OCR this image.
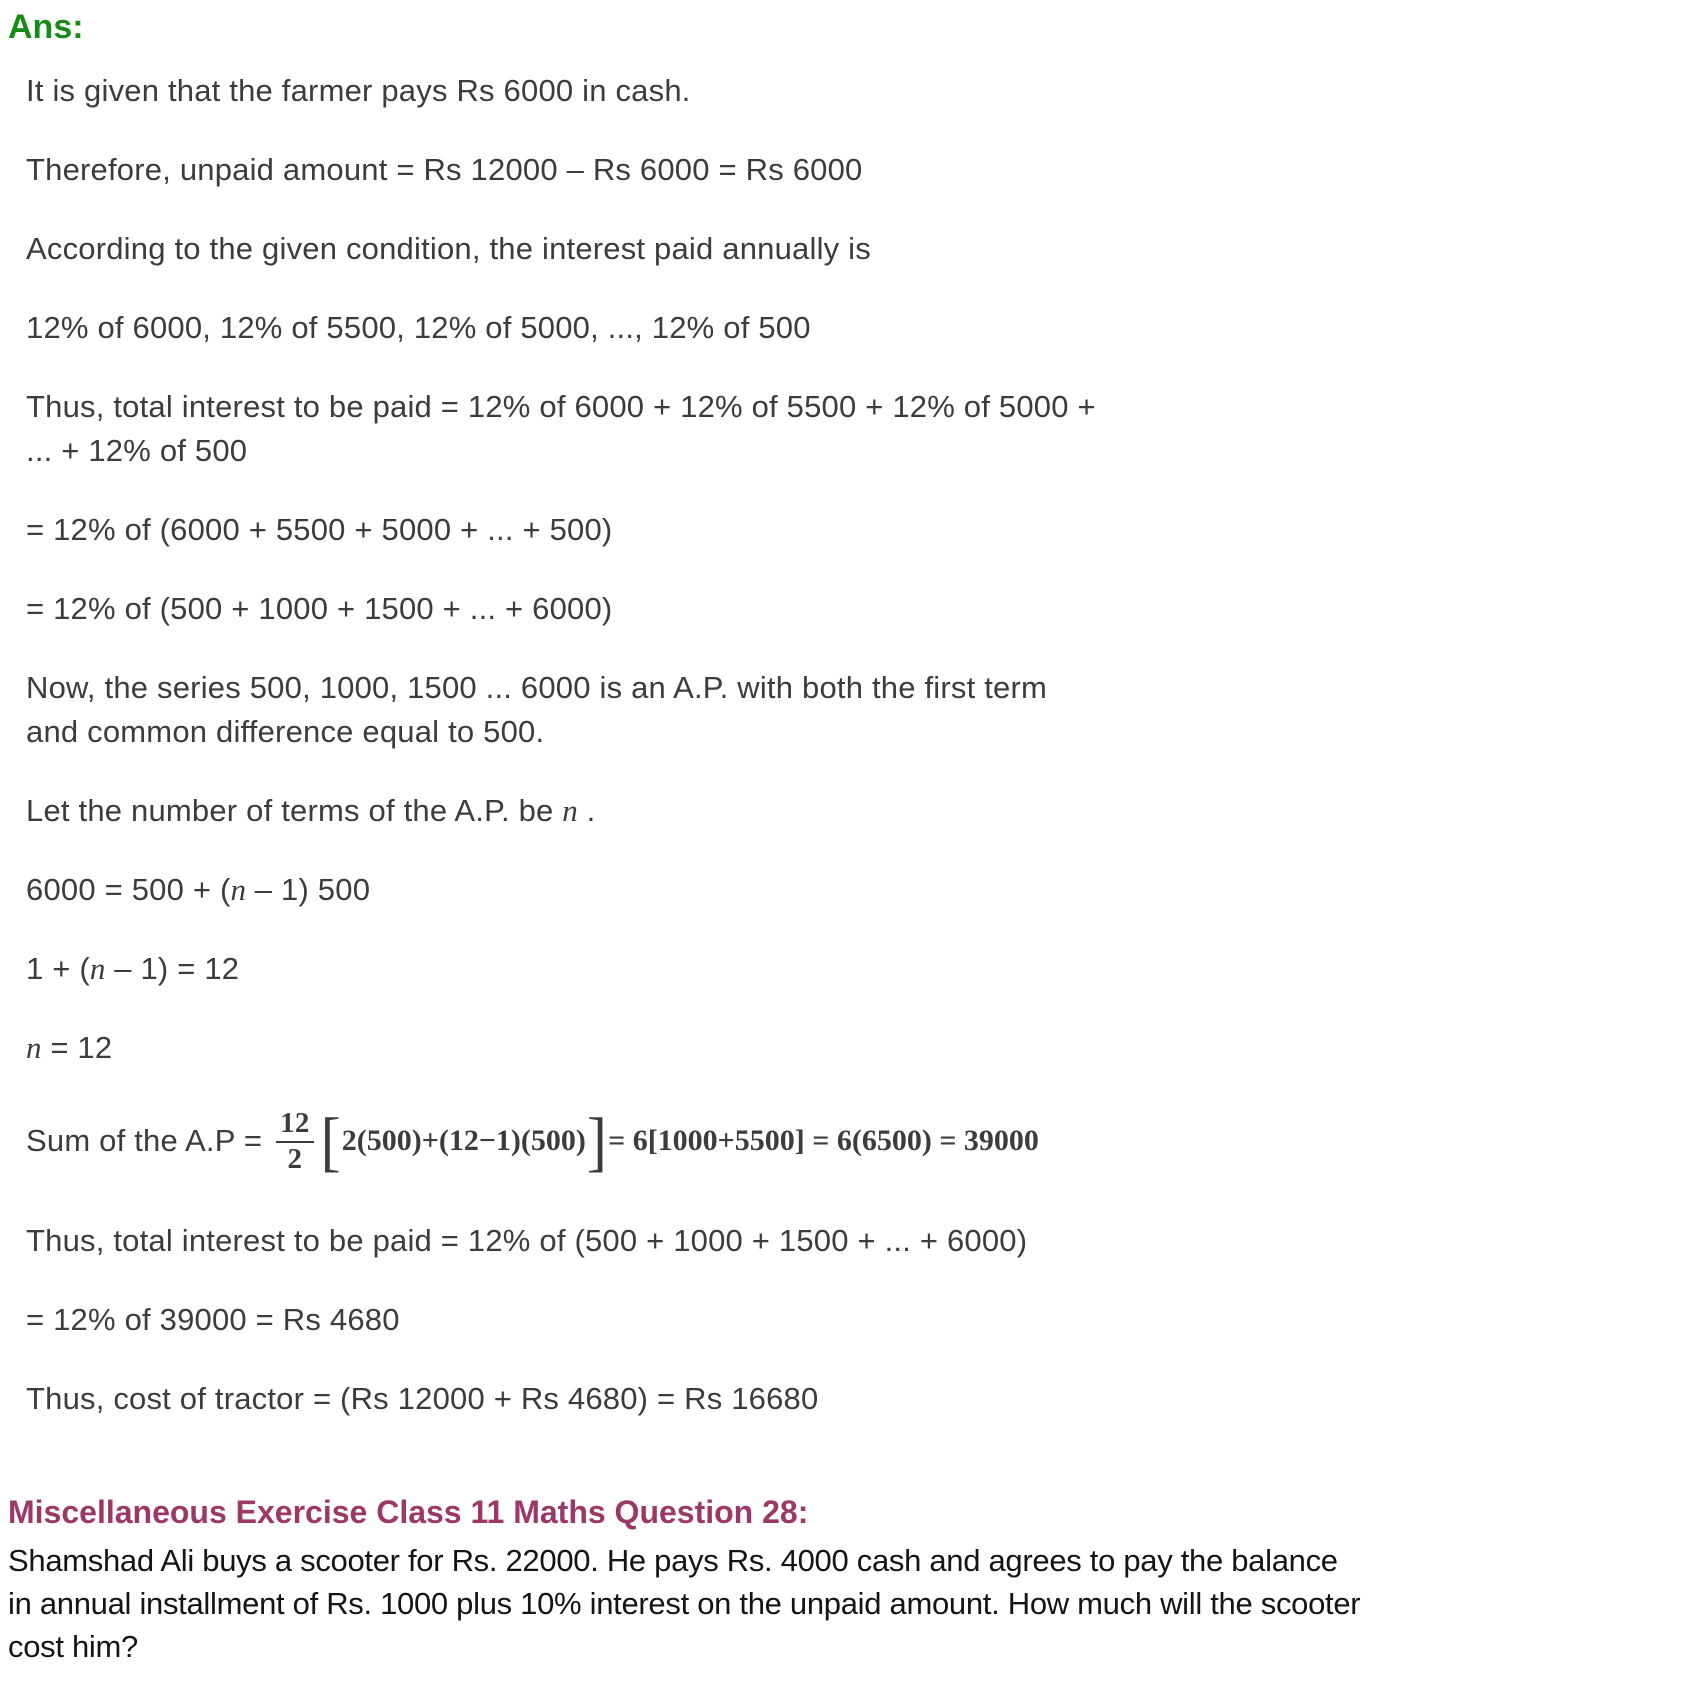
Ans:
It is given that the farmer pays Rs 6000 in cash.
Therefore, unpaid amount = Rs 12000 – Rs 6000 = Rs 6000
According to the given condition, the interest paid annually is
12% of 6000, 12% of 5500, 12% of 5000, ..., 12% of 500
Thus, total interest to be paid = 12% of 6000 + 12% of 5500 + 12% of 5000 +
... + 12% of 500
= 12% of (6000 + 5500 + 5000 + ... + 500)
= 12% of (500 + 1000 + 1500 + ... + 6000)
Now, the series 500, 1000, 1500 ... 6000 is an A.P. with both the first term
and common difference equal to 500.
Let the number of terms of the A.P. be n .
6000 = 500 + (n – 1) 500
1 + (n – 1) = 12
n = 12
Sum of the $A.P = \frac{12}{2}$ [ 2(500)+(12−1)(500) ] = 6[1000+5500] = 6(6500) = 39000
Thus, total interest to be paid = 12% of (500 + 1000 + 1500 + ... + 6000)
= 12% of 39000 = Rs 4680
Thus, cost of tractor = (Rs 12000 + Rs 4680) = Rs 16680
Miscellaneous Exercise Class 11 Maths Question 28:
Shamshad Ali buys a scooter for Rs. 22000. He pays Rs. 4000 cash and agrees to pay the balance
in annual installment of Rs. 1000 plus 10% interest on the unpaid amount. How much will the scooter
cost him?
